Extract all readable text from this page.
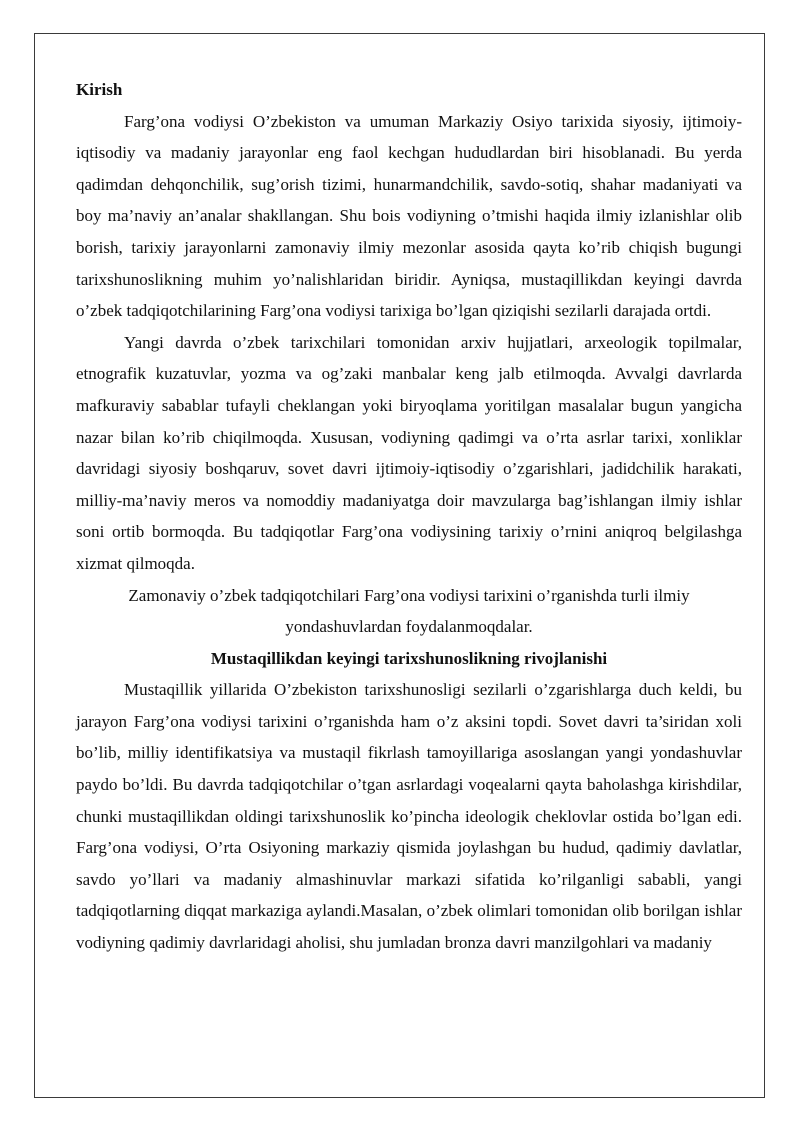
Kirish

Farg’ona vodiysi O’zbekiston va umuman Markaziy Osiyo tarixida siyosiy, ijtimoiy-iqtisodiy va madaniy jarayonlar eng faol kechgan hududlardan biri hisoblanadi. Bu yerda qadimdan dehqonchilik, sug’orish tizimi, hunarmandchilik, savdo-sotiq, shahar madaniyati va boy ma’naviy an’analar shakllangan. Shu bois vodiyning o’tmishi haqida ilmiy izlanishlar olib borish, tarixiy jarayonlarni zamonaviy ilmiy mezonlar asosida qayta ko’rib chiqish bugungi tarixshunoslikning muhim yo’nalishlaridan biridir. Ayniqsa, mustaqillikdan keyingi davrda o’zbek tadqiqotchilarining Farg’ona vodiysi tarixiga bo’lgan qiziqishi sezilarli darajada ortdi.

Yangi davrda o’zbek tarixchilari tomonidan arxiv hujjatlari, arxeologik topilmalar, etnografik kuzatuvlar, yozma va og’zaki manbalar keng jalb etilmoqda. Avvalgi davrlarda mafkuraviy sabablar tufayli cheklangan yoki biryoqlama yoritilgan masalalar bugun yangicha nazar bilan ko’rib chiqilmoqda. Xususan, vodiyning qadimgi va o’rta asrlar tarixi, xonliklar davridagi siyosiy boshqaruv, sovet davri ijtimoiy-iqtisodiy o’zgarishlari, jadidchilik harakati, milliy-ma’naviy meros va nomoddiy madaniyatga doir mavzularga bag’ishlangan ilmiy ishlar soni ortib bormoqda. Bu tadqiqotlar Farg’ona vodiysining tarixiy o’rnini aniqroq belgilashga xizmat qilmoqda.

Zamonaviy o’zbek tadqiqotchilari Farg’ona vodiysi tarixini o’rganishda turli ilmiy yondashuvlardan foydalanmoqdalar.

Mustaqillikdan keyingi tarixshunoslikning rivojlanishi

Mustaqillik yillarida O’zbekiston tarixshunosligi sezilarli o’zgarishlarga duch keldi, bu jarayon Farg’ona vodiysi tarixini o’rganishda ham o’z aksini topdi. Sovet davri ta’siridan xoli bo’lib, milliy identifikatsiya va mustaqil fikrlash tamoyillariga asoslangan yangi yondashuvlar paydo bo’ldi. Bu davrda tadqiqotchilar o’tgan asrlardagi voqealarni qayta baholashga kirishdilar, chunki mustaqillikdan oldingi tarixshunoslik ko’pincha ideologik cheklovlar ostida bo’lgan edi. Farg’ona vodiysi, O’rta Osiyoning markaziy qismida joylashgan bu hudud, qadimiy davlatlar, savdo yo’llari va madaniy almashinuvlar markazi sifatida ko’rilganligi sababli, yangi tadqiqotlarning diqqat markaziga aylandi.Masalan, o’zbek olimlari tomonidan olib borilgan ishlar vodiyning qadimiy davrlaridagi aholisi, shu jumladan bronza davri manzilgohlari va madaniy
